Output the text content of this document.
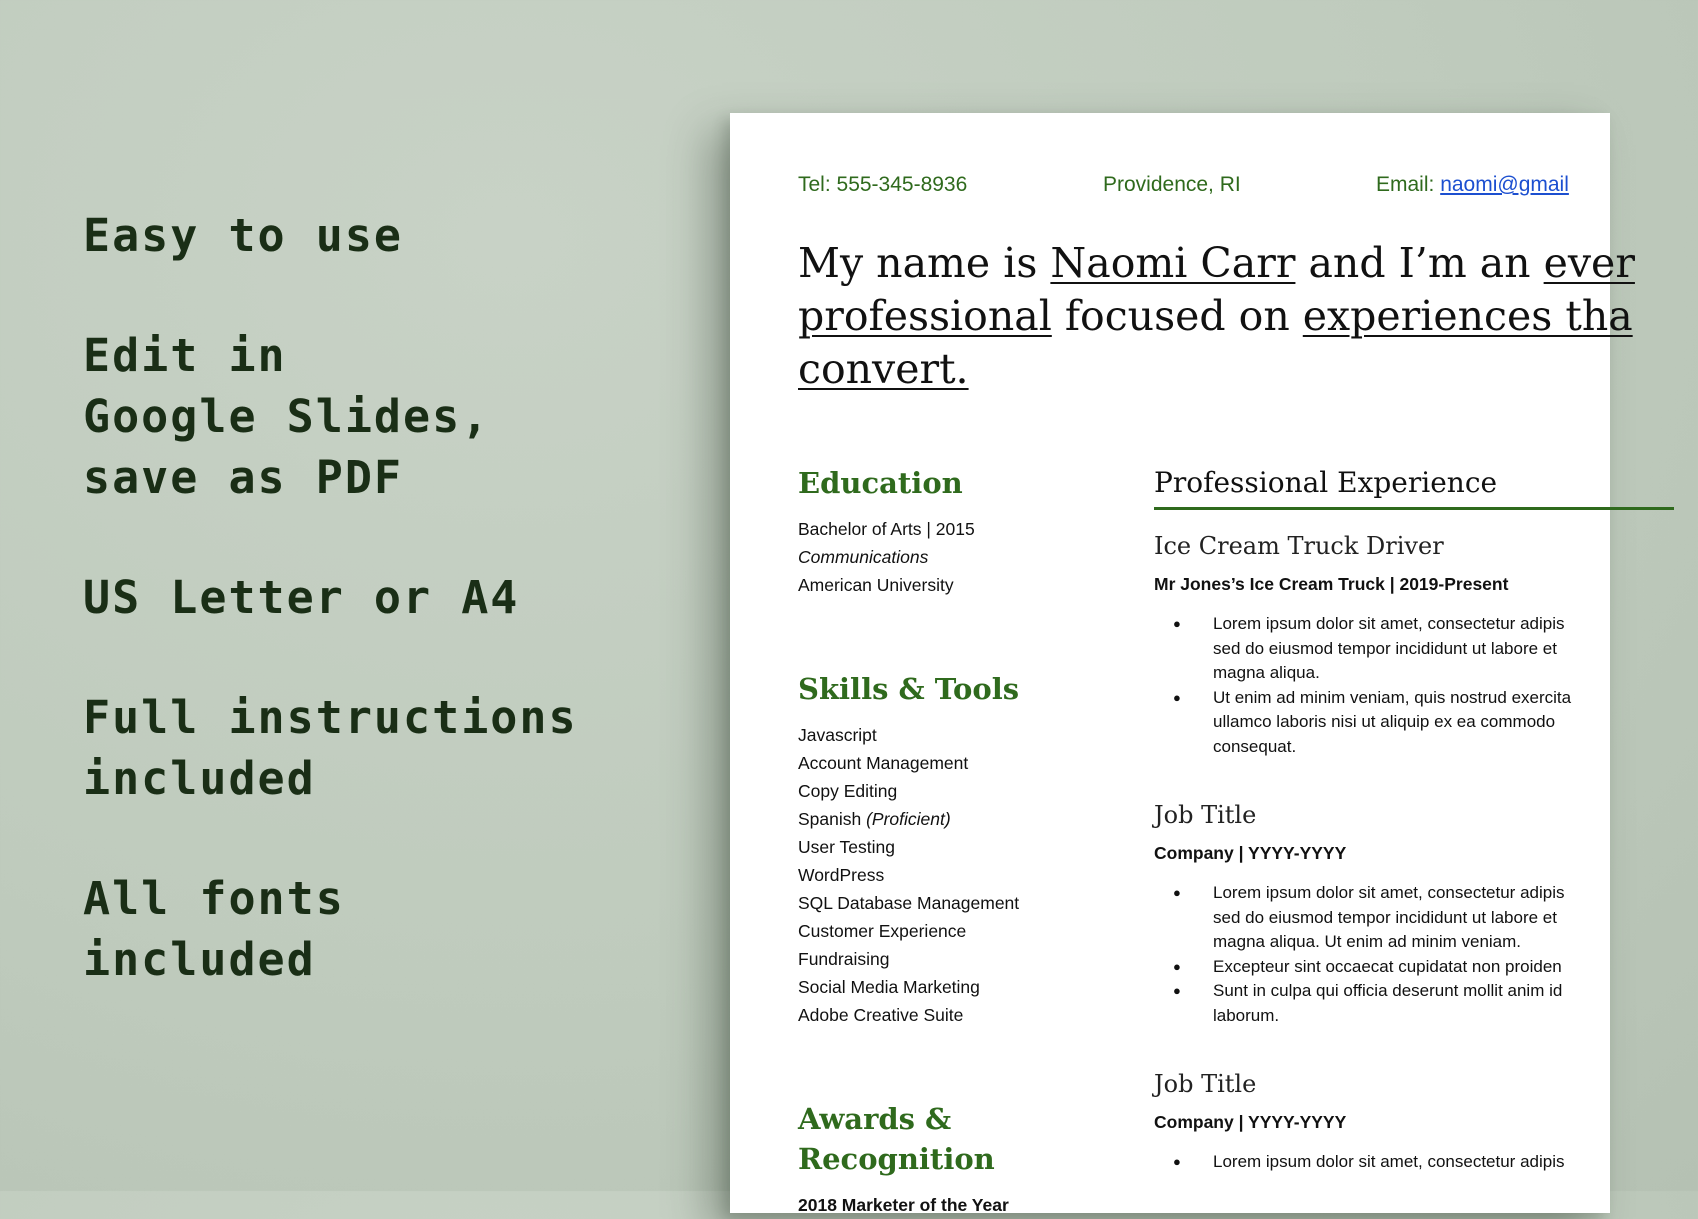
Easy to use
Edit in
Google Slides,
save as PDF
US Letter or A4
Full instructions
included
All fonts
included
Tel: 555-345-8936	Providence, RI	Email: naomi@gmail
My name is Naomi Carr and I’m an ever
professional focused on experiences tha
convert.
Education
Bachelor of Arts | 2015
Communications
American University
Skills & Tools
Javascript
Account Management
Copy Editing
Spanish (Proficient)
User Testing
WordPress
SQL Database Management
Customer Experience
Fundraising
Social Media Marketing
Adobe Creative Suite
Awards & Recognition
2018 Marketer of the Year
Professional Experience
Ice Cream Truck Driver
Mr Jones’s Ice Cream Truck | 2019-Present
● Lorem ipsum dolor sit amet, consectetur adipis
sed do eiusmod tempor incididunt ut labore et
magna aliqua.
● Ut enim ad minim veniam, quis nostrud exercita
ullamco laboris nisi ut aliquip ex ea commodo
consequat.
Job Title
Company | YYYY-YYYY
● Lorem ipsum dolor sit amet, consectetur adipis
sed do eiusmod tempor incididunt ut labore et
magna aliqua. Ut enim ad minim veniam.
● Excepteur sint occaecat cupidatat non proiden
● Sunt in culpa qui officia deserunt mollit anim id
laborum.
Job Title
Company | YYYY-YYYY
● Lorem ipsum dolor sit amet, consectetur adipis
